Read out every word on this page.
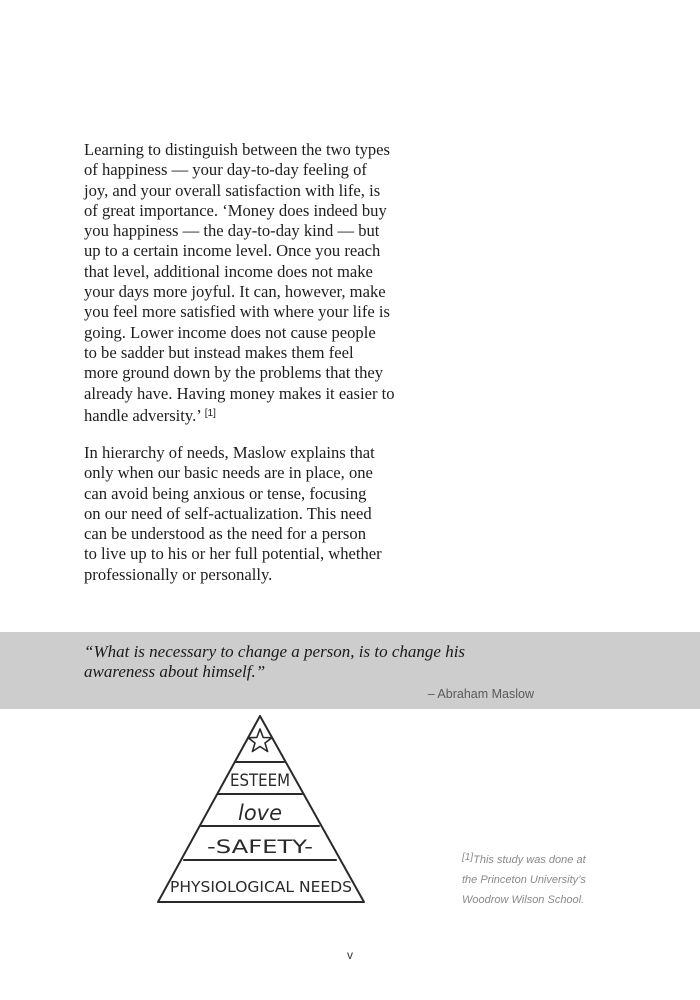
Learning to distinguish between the two types
of happiness — your day-to-day feeling of
joy, and your overall satisfaction with life, is
of great importance. ‘Money does indeed buy
you happiness — the day-to-day kind — but
up to a certain income level. Once you reach
that level, additional income does not make
your days more joyful. It can, however, make
you feel more satisfied with where your life is
going. Lower income does not cause people
to be sadder but instead makes them feel
more ground down by the problems that they
already have. Having money makes it easier to
handle adversity.’ [1]

In hierarchy of needs, Maslow explains that
only when our basic needs are in place, one
can avoid being anxious or tense, focusing
on our need of self-actualization. This need
can be understood as the need for a person
to live up to his or her full potential, whether
professionally or personally.

“What is necessary to change a person, is to change his
awareness about himself.”

– Abraham Maslow
ESTEEM
love
-SAFETY-
PHYSIOLOGICAL NEEDS

[1]This study was done at
the Princeton University’s
Woodrow Wilson School.

v
